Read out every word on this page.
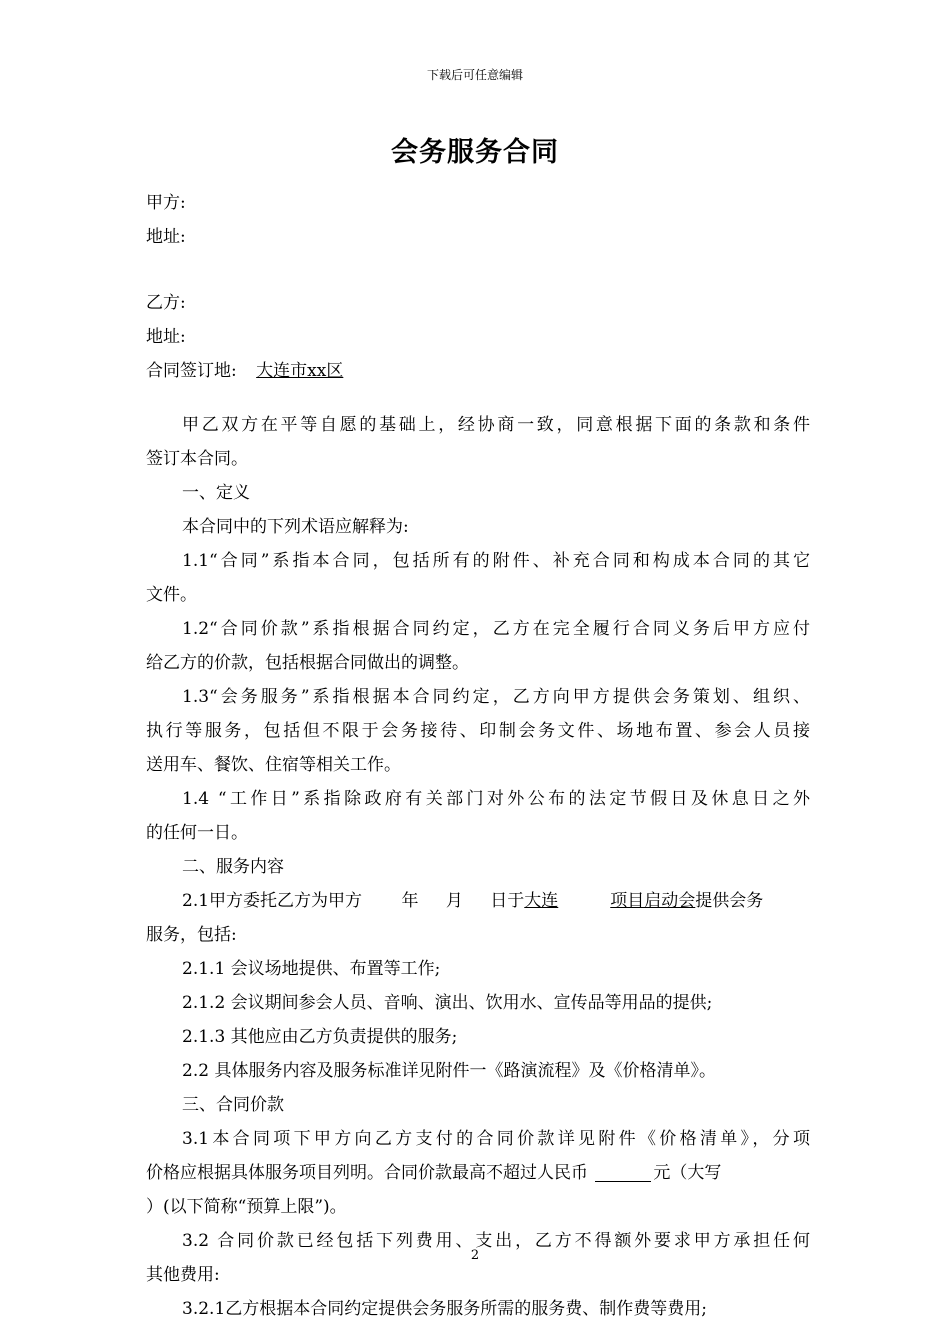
下载后可任意编辑
会务服务合同
甲方:
地址:
乙方:
地址:
合同签订地: 大连市xx区
甲乙双方在平等自愿的基础上，经协商一致，同意根据下面的条款和条件
签订本合同。
一、定义
本合同中的下列术语应解释为:
1.1“合同”系指本合同，包括所有的附件、补充合同和构成本合同的其它
文件。
1.2“合同价款”系指根据合同约定，乙方在完全履行合同义务后甲方应付
给乙方的价款，包括根据合同做出的调整。
1.3“会务服务”系指根据本合同约定，乙方向甲方提供会务策划、组织、
执行等服务，包括但不限于会务接待、印制会务文件、场地布置、参会人员接
送用车、餐饮、住宿等相关工作。
1.4 “工作日”系指除政府有关部门对外公布的法定节假日及休息日之外
的任何一日。
二、服务内容
2.1甲方委托乙方为甲方 年 月 日于大连	项目启动会提供会务
服务，包括:
2.1.1 会议场地提供、布置等工作;
2.1.2 会议期间参会人员、音响、演出、饮用水、宣传品等用品的提供;
2.1.3 其他应由乙方负责提供的服务;
2.2 具体服务内容及服务标准详见附件一《路演流程》及《价格清单》。
三、合同价款
3.1本合同项下甲方向乙方支付的合同价款详见附件《价格清单》，分项
价格应根据具体服务项目列明。合同价款最高不超过人民币	元（大写
）(以下简称“预算上限”)。
3.2 合同价款已经包括下列费用、支出，乙方不得额外要求甲方承担任何
其他费用:
3.2.1乙方根据本合同约定提供会务服务所需的服务费、制作费等费用;
2
